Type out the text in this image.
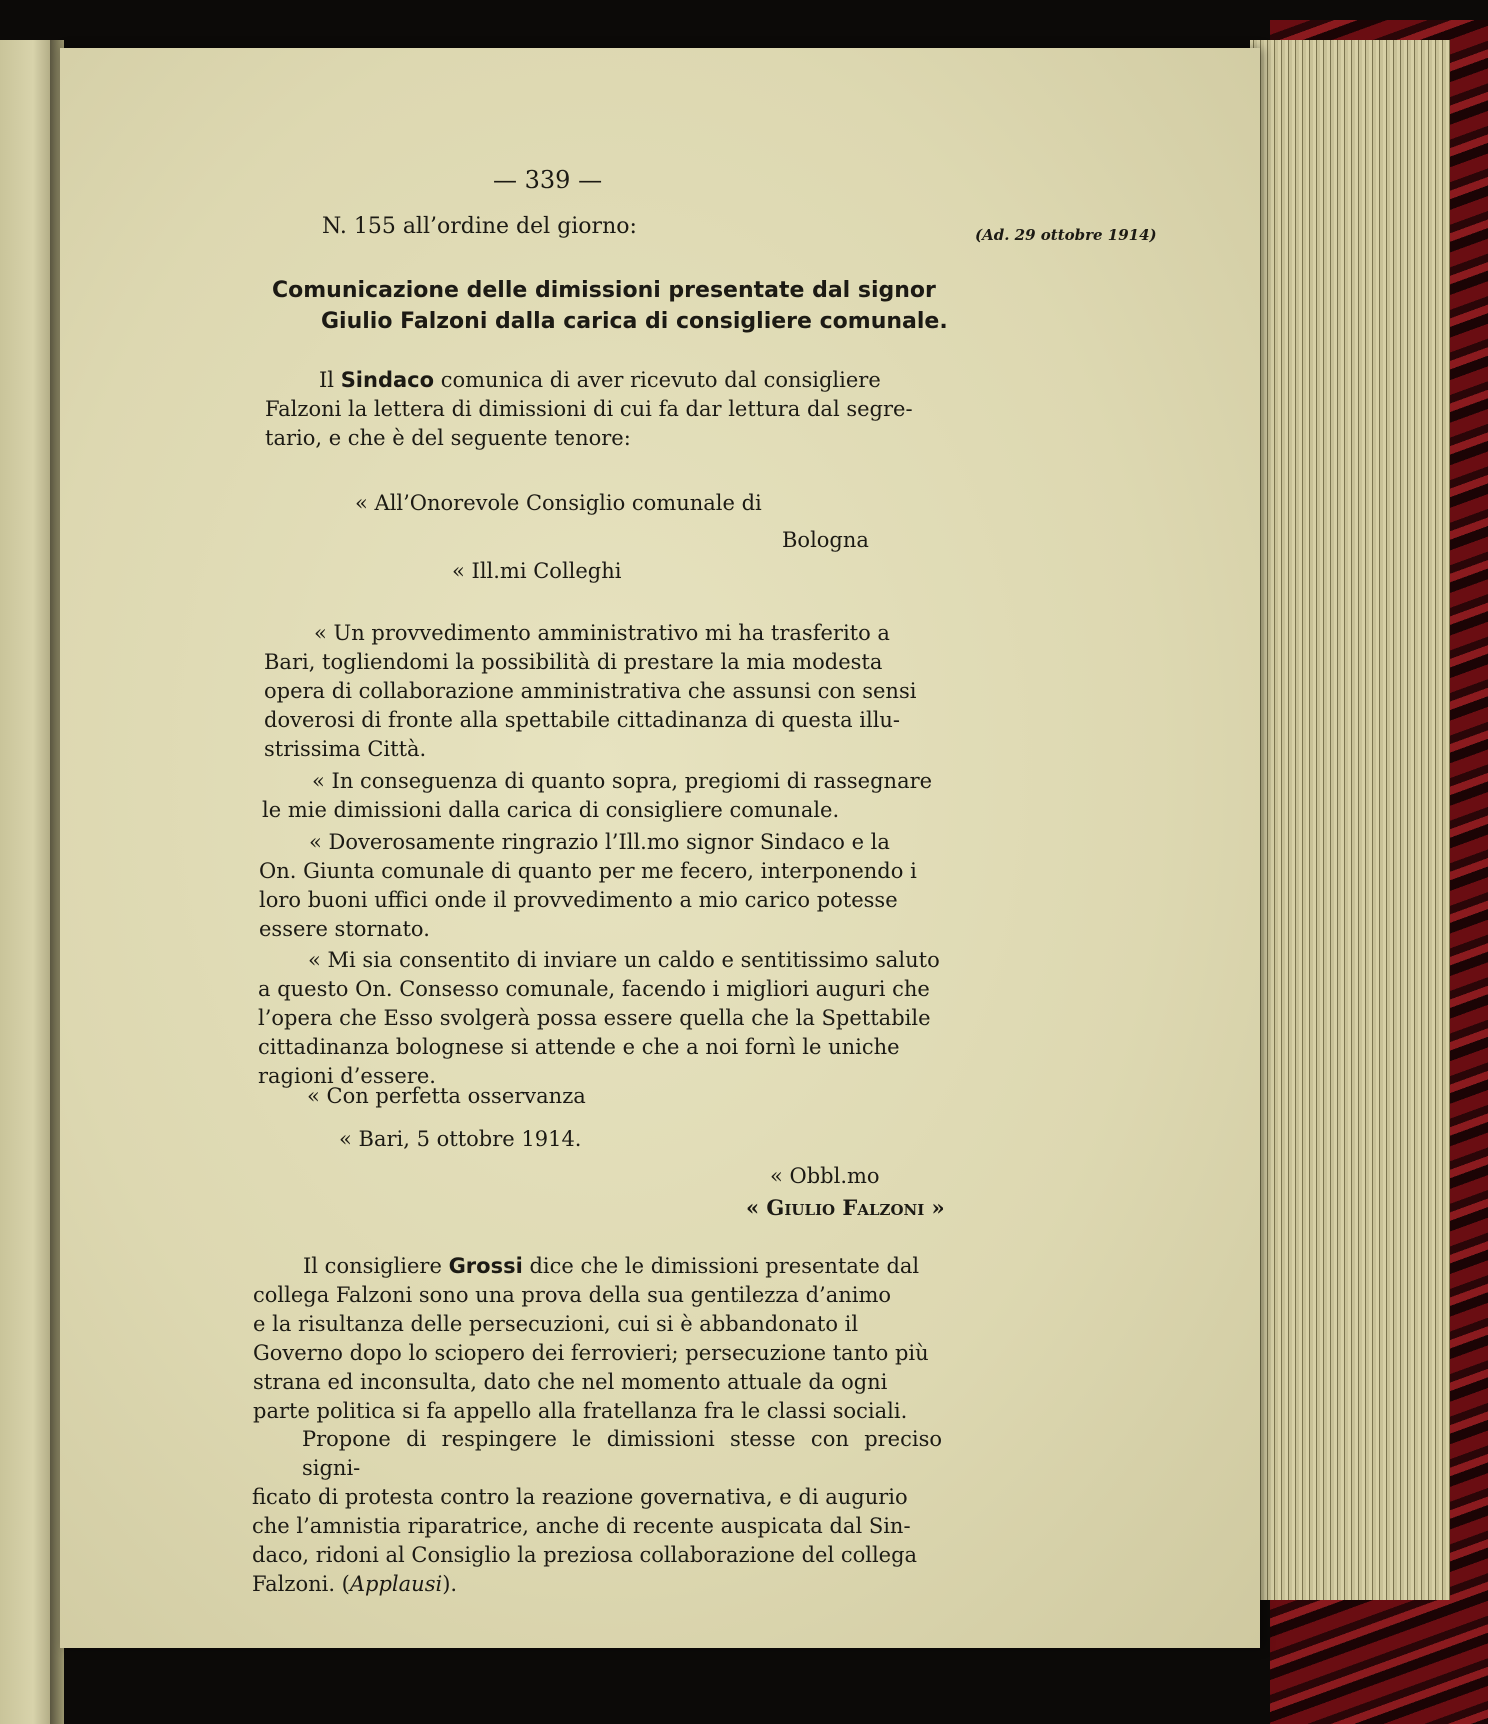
— 339 —
N. 155 all’ordine del giorno:	(Ad. 29 ottobre 1914)
Comunicazione delle dimissioni presentate dal signor
Giulio Falzoni dalla carica di consigliere comunale.
Il Sindaco comunica di aver ricevuto dal consigliere
Falzoni la lettera di dimissioni di cui fa dar lettura dal segre-
tario, e che è del seguente tenore:
« All’Onorevole Consiglio comunale di
Bologna
« Ill.mi Colleghi
« Un provvedimento amministrativo mi ha trasferito a
Bari, togliendomi la possibilità di prestare la mia modesta
opera di collaborazione amministrativa che assunsi con sensi
doverosi di fronte alla spettabile cittadinanza di questa illu-
strissima Città.
« In conseguenza di quanto sopra, pregiomi di rassegnare
le mie dimissioni dalla carica di consigliere comunale.
« Doverosamente ringrazio l’Ill.mo signor Sindaco e la
On. Giunta comunale di quanto per me fecero, interponendo i
loro buoni uffici onde il provvedimento a mio carico potesse
essere stornato.
« Mi sia consentito di inviare un caldo e sentitissimo saluto
a questo On. Consesso comunale, facendo i migliori auguri che
l’opera che Esso svolgerà possa essere quella che la Spettabile
cittadinanza bolognese si attende e che a noi fornì le uniche
ragioni d’essere.
« Con perfetta osservanza
« Bari, 5 ottobre 1914.
« Obbl.mo
« Giulio Falzoni »
Il consigliere Grossi dice che le dimissioni presentate dal
collega Falzoni sono una prova della sua gentilezza d’animo
e la risultanza delle persecuzioni, cui si è abbandonato il
Governo dopo lo sciopero dei ferrovieri; persecuzione tanto più
strana ed inconsulta, dato che nel momento attuale da ogni
parte politica si fa appello alla fratellanza fra le classi sociali.
Propone di respingere le dimissioni stesse con preciso signi-
ficato di protesta contro la reazione governativa, e di augurio
che l’amnistia riparatrice, anche di recente auspicata dal Sin-
daco, ridoni al Consiglio la preziosa collaborazione del collega
Falzoni. (Applausi).
